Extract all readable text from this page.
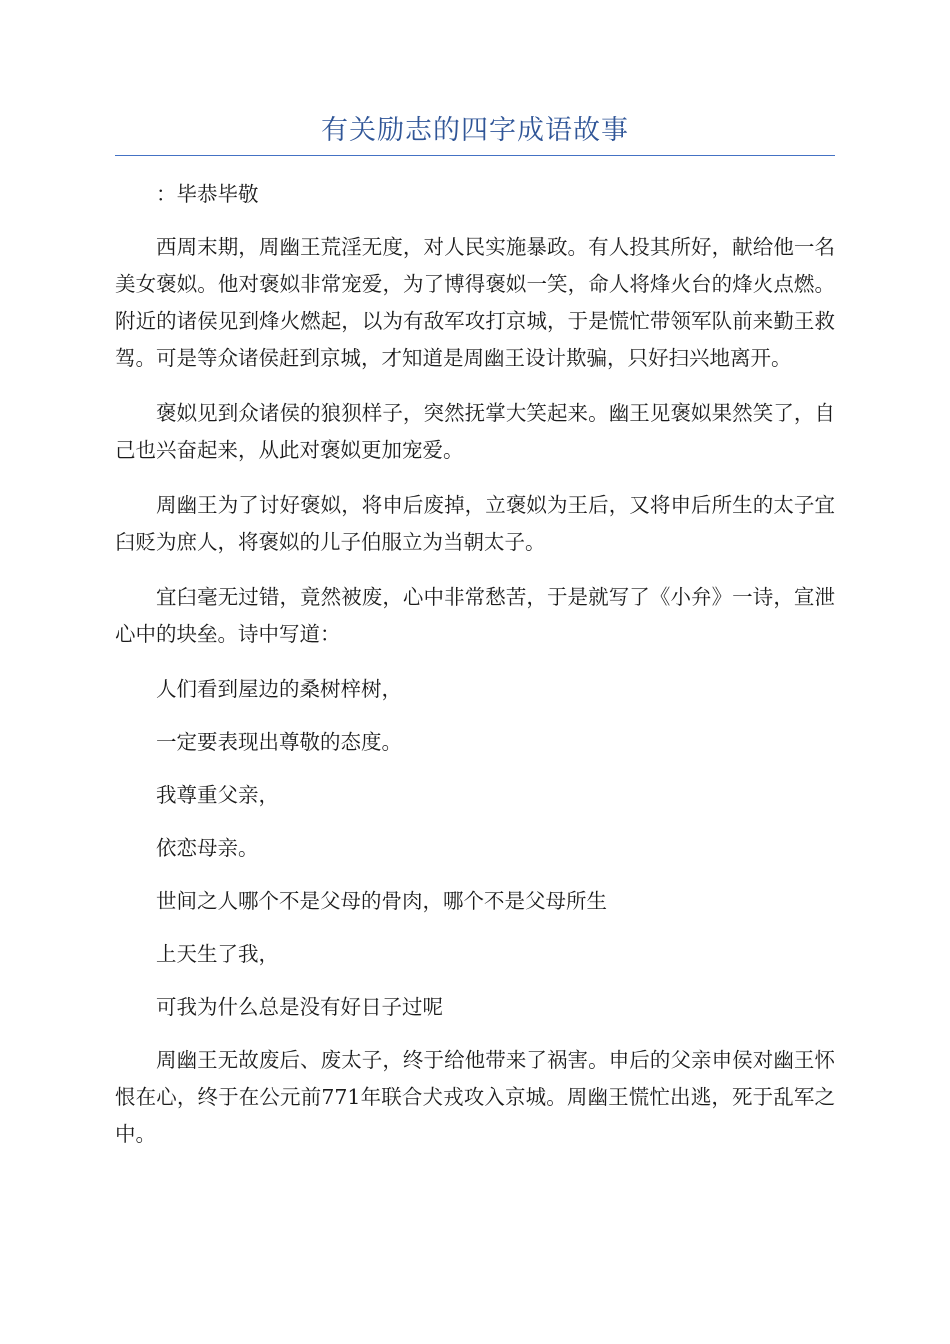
有关励志的四字成语故事

：毕恭毕敬

西周末期，周幽王荒淫无度，对人民实施暴政。有人投其所好，献给他一名美女褒姒。他对褒姒非常宠爱，为了博得褒姒一笑，命人将烽火台的烽火点燃。附近的诸侯见到烽火燃起，以为有敌军攻打京城，于是慌忙带领军队前来勤王救驾。可是等众诸侯赶到京城，才知道是周幽王设计欺骗，只好扫兴地离开。

褒姒见到众诸侯的狼狈样子，突然抚掌大笑起来。幽王见褒姒果然笑了，自己也兴奋起来，从此对褒姒更加宠爱。

周幽王为了讨好褒姒，将申后废掉，立褒姒为王后，又将申后所生的太子宜臼贬为庶人，将褒姒的儿子伯服立为当朝太子。

宜臼毫无过错，竟然被废，心中非常愁苦，于是就写了《小弁》一诗，宣泄心中的块垒。诗中写道：

人们看到屋边的桑树梓树，

一定要表现出尊敬的态度。

我尊重父亲，

依恋母亲。

世间之人哪个不是父母的骨肉，哪个不是父母所生

上天生了我，

可我为什么总是没有好日子过呢

周幽王无故废后、废太子，终于给他带来了祸害。申后的父亲申侯对幽王怀恨在心，终于在公元前771年联合犬戎攻入京城。周幽王慌忙出逃，死于乱军之中。
